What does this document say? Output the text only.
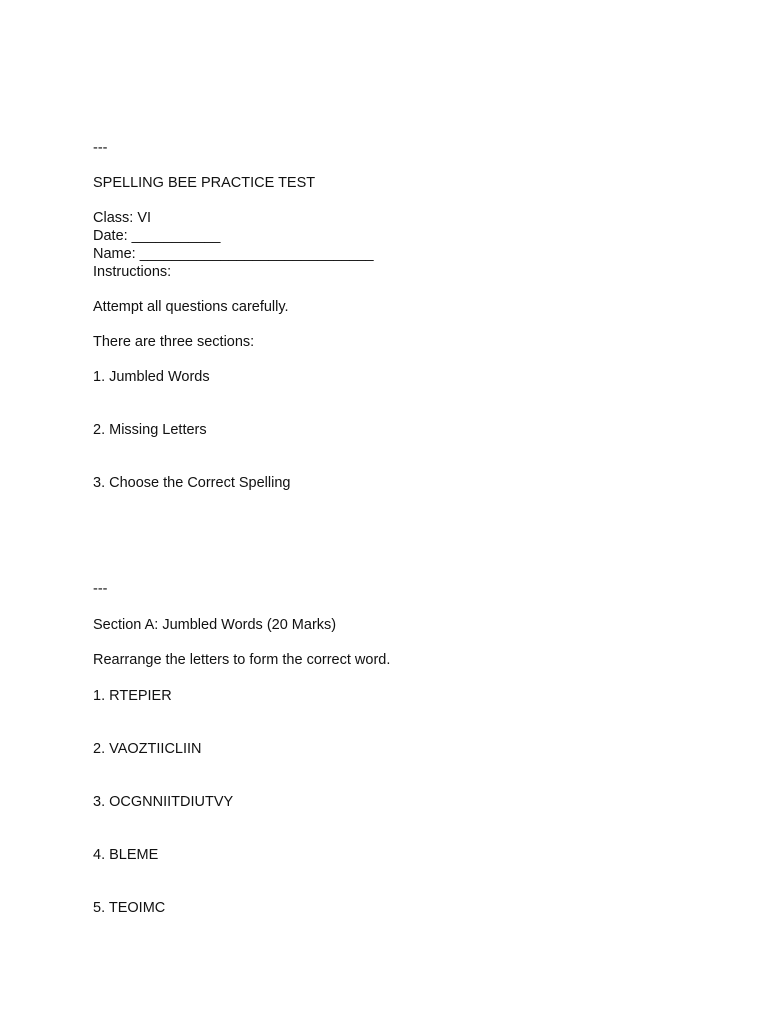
---

SPELLING BEE PRACTICE TEST

Class: VI

Date: ___________

Name: _____________________________

Instructions:

Attempt all questions carefully.

There are three sections:

1. Jumbled Words

2. Missing Letters

3. Choose the Correct Spelling

---

Section A: Jumbled Words (20 Marks)

Rearrange the letters to form the correct word.

1. RTEPIER

2. VAOZTIICLIIN

3. OCGNNIITDIUTVY

4. BLEME

5. TEOIMC
